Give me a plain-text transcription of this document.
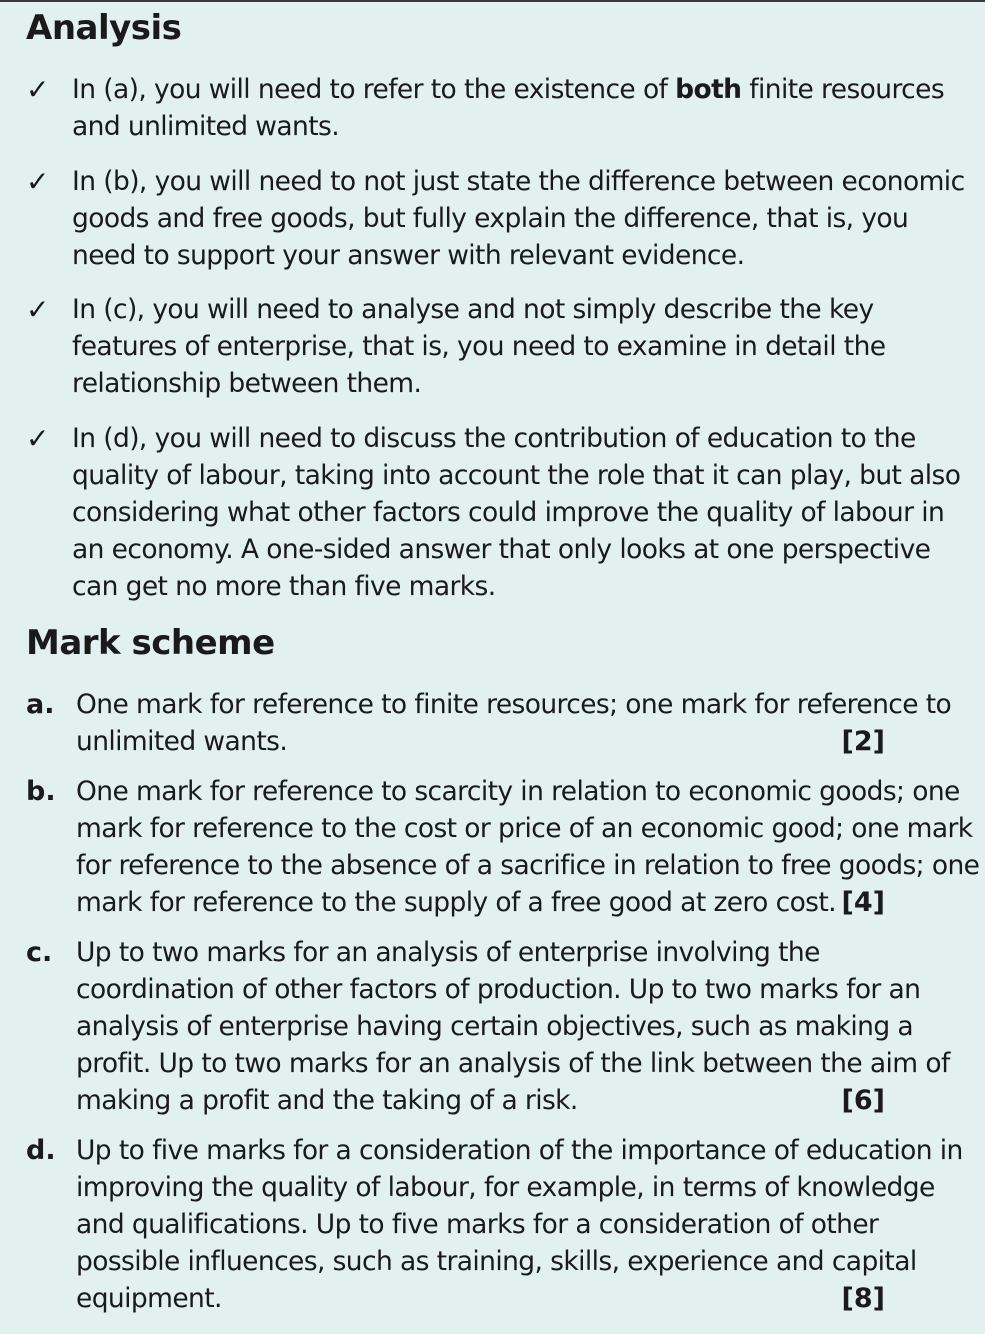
Analysis
✓ In (a), you will need to refer to the existence of both finite resources and unlimited wants.
✓ In (b), you will need to not just state the difference between economic goods and free goods, but fully explain the difference, that is, you need to support your answer with relevant evidence.
✓ In (c), you will need to analyse and not simply describe the key features of enterprise, that is, you need to examine in detail the relationship between them.
✓ In (d), you will need to discuss the contribution of education to the quality of labour, taking into account the role that it can play, but also considering what other factors could improve the quality of labour in an economy. A one-sided answer that only looks at one perspective can get no more than five marks.
Mark scheme
a. One mark for reference to finite resources; one mark for reference to unlimited wants.	[2]
b. One mark for reference to scarcity in relation to economic goods; one mark for reference to the cost or price of an economic good; one mark for reference to the absence of a sacrifice in relation to free goods; one mark for reference to the supply of a free good at zero cost. [4]
c. Up to two marks for an analysis of enterprise involving the coordination of other factors of production. Up to two marks for an analysis of enterprise having certain objectives, such as making a profit. Up to two marks for an analysis of the link between the aim of making a profit and the taking of a risk.	[6]
d. Up to five marks for a consideration of the importance of education in improving the quality of labour, for example, in terms of knowledge and qualifications. Up to five marks for a consideration of other possible influences, such as training, skills, experience and capital equipment.	[8]
